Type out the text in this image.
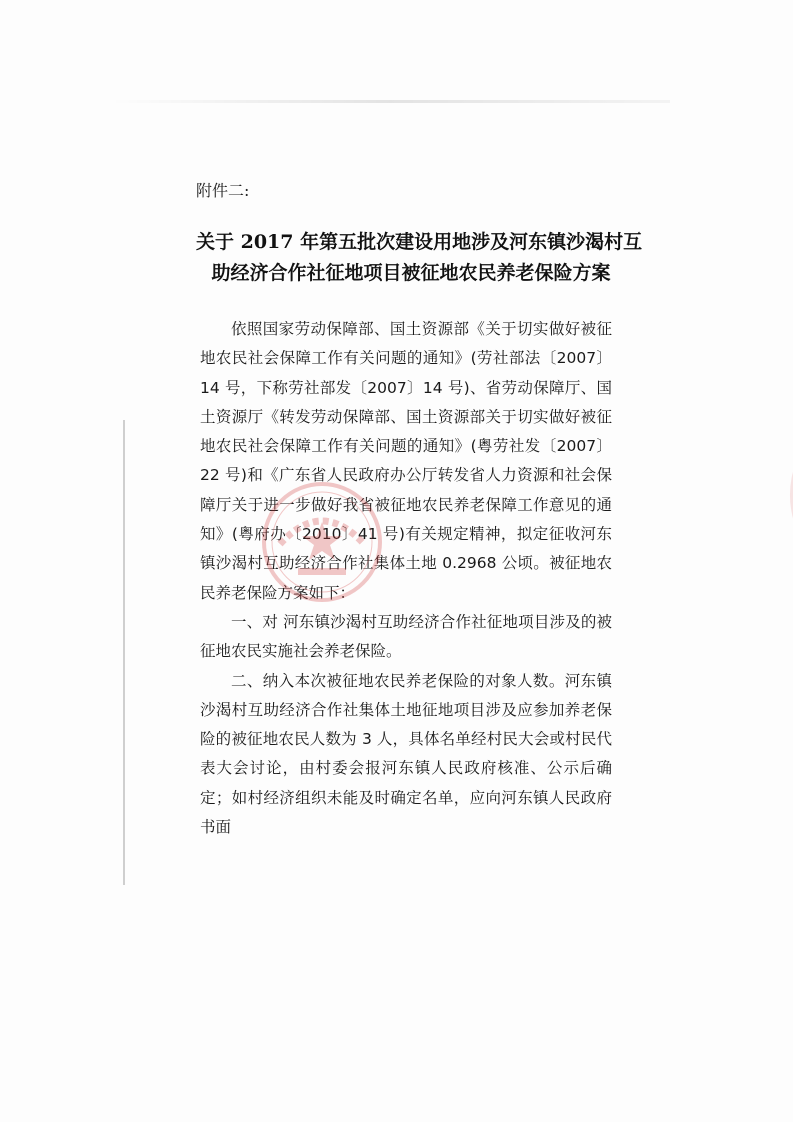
附件二:
关于 2017 年第五批次建设用地涉及河东镇沙渴村互
助经济合作社征地项目被征地农民养老保险方案

依照国家劳动保障部、国土资源部《关于切实做好被征地农民社会保障工作有关问题的通知》(劳社部法〔2007〕14 号，下称劳社部发〔2007〕14 号)、省劳动保障厅、国土资源厅《转发劳动保障部、国土资源部关于切实做好被征地农民社会保障工作有关问题的通知》(粤劳社发〔2007〕22 号)和《广东省人民政府办公厅转发省人力资源和社会保障厅关于进一步做好我省被征地农民养老保障工作意见的通知》(粤府办〔2010〕41 号)有关规定精神，拟定征收河东镇沙渴村互助经济合作社集体土地 0.2968 公顷。被征地农民养老保险方案如下：

一、对 河东镇沙渴村互助经济合作社征地项目涉及的被征地农民实施社会养老保险。

二、纳入本次被征地农民养老保险的对象人数。河东镇沙渴村互助经济合作社集体土地征地项目涉及应参加养老保险的被征地农民人数为 3 人，具体名单经村民大会或村民代表大会讨论，由村委会报河东镇人民政府核准、公示后确定；如村经济组织未能及时确定名单，应向河东镇人民政府书面
